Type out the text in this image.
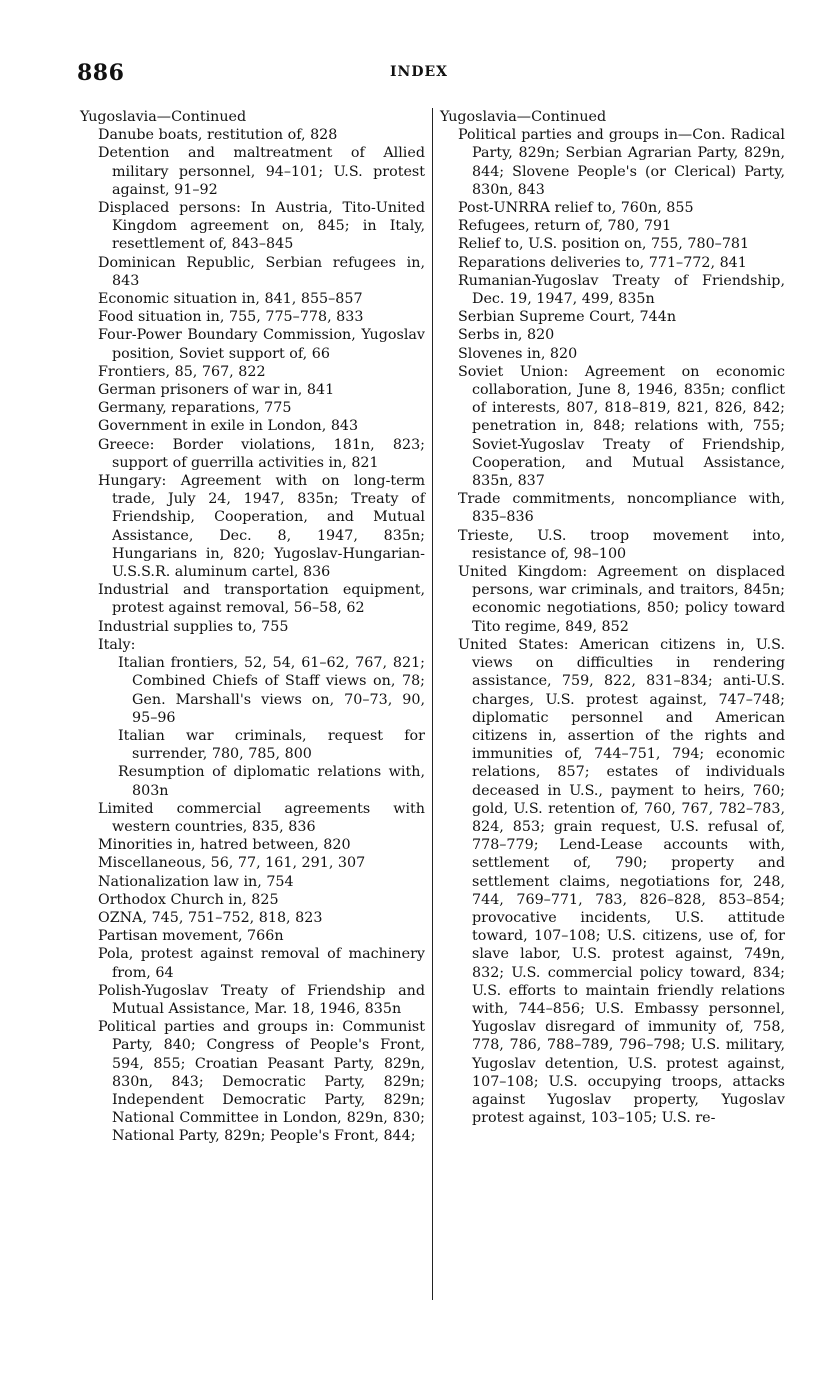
886	INDEX
Yugoslavia—Continued
Danube boats, restitution of, 828
Detention and maltreatment of Allied military personnel, 94–101; U.S. protest against, 91–92
Displaced persons: In Austria, Tito-United Kingdom agreement on, 845; in Italy, resettlement of, 843–845
Dominican Republic, Serbian refugees in, 843
Economic situation in, 841, 855–857
Food situation in, 755, 775–778, 833
Four-Power Boundary Commission, Yugoslav position, Soviet support of, 66
Frontiers, 85, 767, 822
German prisoners of war in, 841
Germany, reparations, 775
Government in exile in London, 843
Greece: Border violations, 181n, 823; support of guerrilla activities in, 821
Hungary: Agreement with on long-term trade, July 24, 1947, 835n; Treaty of Friendship, Cooperation, and Mutual Assistance, Dec. 8, 1947, 835n; Hungarians in, 820; Yugoslav-Hungarian-U.S.S.R. aluminum cartel, 836
Industrial and transportation equipment, protest against removal, 56–58, 62
Industrial supplies to, 755
Italy:
Italian frontiers, 52, 54, 61–62, 767, 821; Combined Chiefs of Staff views on, 78; Gen. Marshall's views on, 70–73, 90, 95–96
Italian war criminals, request for surrender, 780, 785, 800
Resumption of diplomatic relations with, 803n
Limited commercial agreements with western countries, 835, 836
Minorities in, hatred between, 820
Miscellaneous, 56, 77, 161, 291, 307
Nationalization law in, 754
Orthodox Church in, 825
OZNA, 745, 751–752, 818, 823
Partisan movement, 766n
Pola, protest against removal of machinery from, 64
Polish-Yugoslav Treaty of Friendship and Mutual Assistance, Mar. 18, 1946, 835n
Political parties and groups in: Communist Party, 840; Congress of People's Front, 594, 855; Croatian Peasant Party, 829n, 830n, 843; Democratic Party, 829n; Independent Democratic Party, 829n; National Committee in London, 829n, 830; National Party, 829n; People's Front, 844;
Yugoslavia—Continued
Political parties and groups in—Con. Radical Party, 829n; Serbian Agrarian Party, 829n, 844; Slovene People's (or Clerical) Party, 830n, 843
Post-UNRRA relief to, 760n, 855
Refugees, return of, 780, 791
Relief to, U.S. position on, 755, 780–781
Reparations deliveries to, 771–772, 841
Rumanian-Yugoslav Treaty of Friendship, Dec. 19, 1947, 499, 835n
Serbian Supreme Court, 744n
Serbs in, 820
Slovenes in, 820
Soviet Union: Agreement on economic collaboration, June 8, 1946, 835n; conflict of interests, 807, 818–819, 821, 826, 842; penetration in, 848; relations with, 755; Soviet-Yugoslav Treaty of Friendship, Cooperation, and Mutual Assistance, 835n, 837
Trade commitments, noncompliance with, 835–836
Trieste, U.S. troop movement into, resistance of, 98–100
United Kingdom: Agreement on displaced persons, war criminals, and traitors, 845n; economic negotiations, 850; policy toward Tito regime, 849, 852
United States: American citizens in, U.S. views on difficulties in rendering assistance, 759, 822, 831–834; anti-U.S. charges, U.S. protest against, 747–748; diplomatic personnel and American citizens in, assertion of the rights and immunities of, 744–751, 794; economic relations, 857; estates of individuals deceased in U.S., payment to heirs, 760; gold, U.S. retention of, 760, 767, 782–783, 824, 853; grain request, U.S. refusal of, 778–779; Lend-Lease accounts with, settlement of, 790; property and settlement claims, negotiations for, 248, 744, 769–771, 783, 826–828, 853–854; provocative incidents, U.S. attitude toward, 107–108; U.S. citizens, use of, for slave labor, U.S. protest against, 749n, 832; U.S. commercial policy toward, 834; U.S. efforts to maintain friendly relations with, 744–856; U.S. Embassy personnel, Yugoslav disregard of immunity of, 758, 778, 786, 788–789, 796–798; U.S. military, Yugoslav detention, U.S. protest against, 107–108; U.S. occupying troops, attacks against Yugoslav property, Yugoslav protest against, 103–105; U.S. re-
